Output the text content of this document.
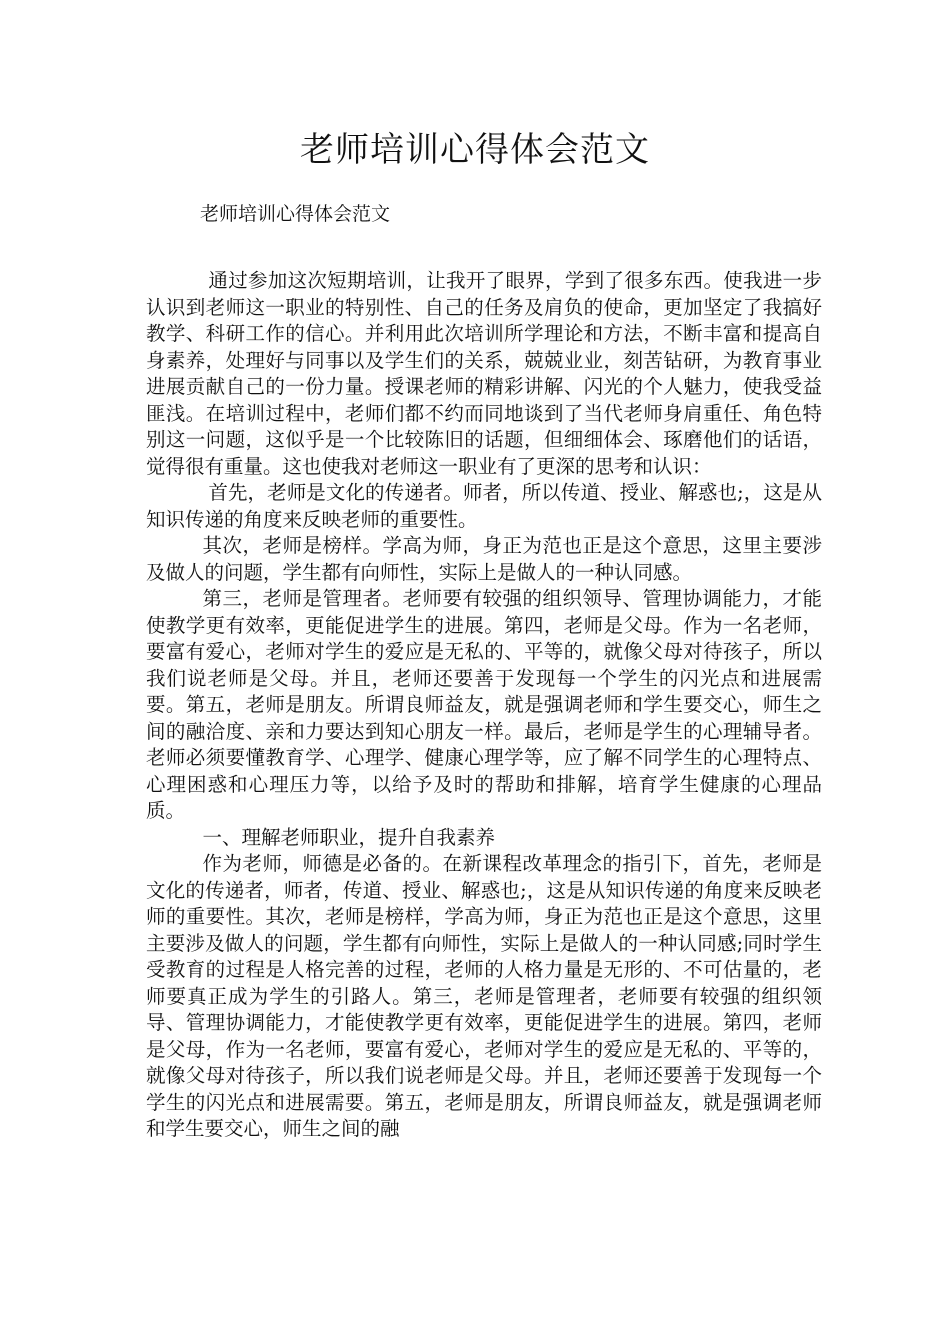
老师培训心得体会范文
老师培训心得体会范文

通过参加这次短期培训，让我开了眼界，学到了很多东西。使我进一步认识到老师这一职业的特别性、自己的任务及肩负的使命，更加坚定了我搞好教学、科研工作的信心。并利用此次培训所学理论和方法，不断丰富和提高自身素养，处理好与同事以及学生们的关系，兢兢业业，刻苦钻研，为教育事业进展贡献自己的一份力量。授课老师的精彩讲解、闪光的个人魅力，使我受益匪浅。在培训过程中，老师们都不约而同地谈到了当代老师身肩重任、角色特别这一问题，这似乎是一个比较陈旧的话题，但细细体会、琢磨他们的话语，觉得很有重量。这也使我对老师这一职业有了更深的思考和认识：

首先，老师是文化的传递者。师者，所以传道、授业、解惑也;，这是从知识传递的角度来反映老师的重要性。

其次，老师是榜样。学高为师，身正为范也正是这个意思，这里主要涉及做人的问题，学生都有向师性，实际上是做人的一种认同感。

第三，老师是管理者。老师要有较强的组织领导、管理协调能力，才能使教学更有效率，更能促进学生的进展。第四，老师是父母。作为一名老师，要富有爱心，老师对学生的爱应是无私的、平等的，就像父母对待孩子，所以我们说老师是父母。并且，老师还要善于发现每一个学生的闪光点和进展需要。第五，老师是朋友。所谓良师益友，就是强调老师和学生要交心，师生之间的融洽度、亲和力要达到知心朋友一样。最后，老师是学生的心理辅导者。老师必须要懂教育学、心理学、健康心理学等，应了解不同学生的心理特点、心理困惑和心理压力等，以给予及时的帮助和排解，培育学生健康的心理品质。

一、理解老师职业，提升自我素养

作为老师，师德是必备的。在新课程改革理念的指引下，首先，老师是文化的传递者，师者，传道、授业、解惑也;，这是从知识传递的角度来反映老师的重要性。其次，老师是榜样，学高为师，身正为范也正是这个意思，这里主要涉及做人的问题，学生都有向师性，实际上是做人的一种认同感;同时学生受教育的过程是人格完善的过程，老师的人格力量是无形的、不可估量的，老师要真正成为学生的引路人。第三，老师是管理者，老师要有较强的组织领导、管理协调能力，才能使教学更有效率，更能促进学生的进展。第四，老师是父母，作为一名老师，要富有爱心，老师对学生的爱应是无私的、平等的，就像父母对待孩子，所以我们说老师是父母。并且，老师还要善于发现每一个学生的闪光点和进展需要。第五，老师是朋友，所谓良师益友，就是强调老师和学生要交心，师生之间的融
